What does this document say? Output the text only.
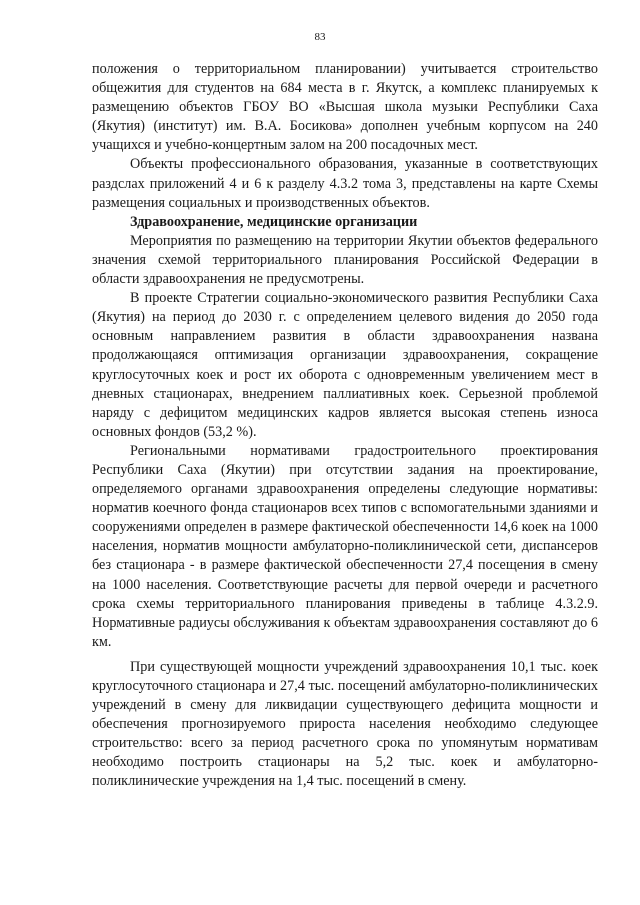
83

положения о территориальном планировании) учитывается строительство общежития для студентов на 684 места в г. Якутск, а комплекс планируемых к размещению объектов ГБОУ ВО «Высшая школа музыки Республики Саха (Якутия) (институт) им. В.А. Босикова» дополнен учебным корпусом на 240 учащихся и учебно-концертным залом на 200 посадочных мест.

Объекты профессионального образования, указанные в соответствующих раздслах приложений 4 и 6 к разделу 4.3.2 тома 3, представлены на карте Схемы размещения социальных и производственных объектов.

Здравоохранение, медицинские организации

Мероприятия по размещению на территории Якутии объектов федерального значения схемой территориального планирования Российской Федерации в области здравоохранения не предусмотрены.

В проекте Стратегии социально-экономического развития Республики Саха (Якутия) на период до 2030 г. с определением целевого видения до 2050 года основным направлением развития в области здравоохранения названа продолжающаяся оптимизация организации здравоохранения, сокращение круглосуточных коек и рост их оборота с одновременным увеличением мест в дневных стационарах, внедрением паллиативных коек. Серьезной проблемой наряду с дефицитом медицинских кадров является высокая степень износа основных фондов (53,2 %).

Региональными нормативами градостроительного проектирования Республики Саха (Якутии) при отсутствии задания на проектирование, определяемого органами здравоохранения определены следующие нормативы: норматив коечного фонда стационаров всех типов с вспомогательными зданиями и сооружениями определен в размере фактической обеспеченности 14,6 коек на 1000 населения, норматив мощности амбулаторно-поликлинической сети, диспансеров без стационара - в размере фактической обеспеченности 27,4 посещения в смену на 1000 населения. Соответствующие расчеты для первой очереди и расчетного срока схемы территориального планирования приведены в таблице 4.3.2.9. Нормативные радиусы обслуживания к объектам здравоохранения составляют до 6 км.

При существующей мощности учреждений здравоохранения 10,1 тыс. коек круглосуточного стационара и 27,4 тыс. посещений амбулаторно-поликлинических учреждений в смену для ликвидации существующего дефицита мощности и обеспечения прогнозируемого прироста населения необходимо следующее строительство: всего за период расчетного срока по упомянутым нормативам необходимо построить стационары на 5,2 тыс. коек и амбулаторно-поликлинические учреждения на 1,4 тыс. посещений в смену.
